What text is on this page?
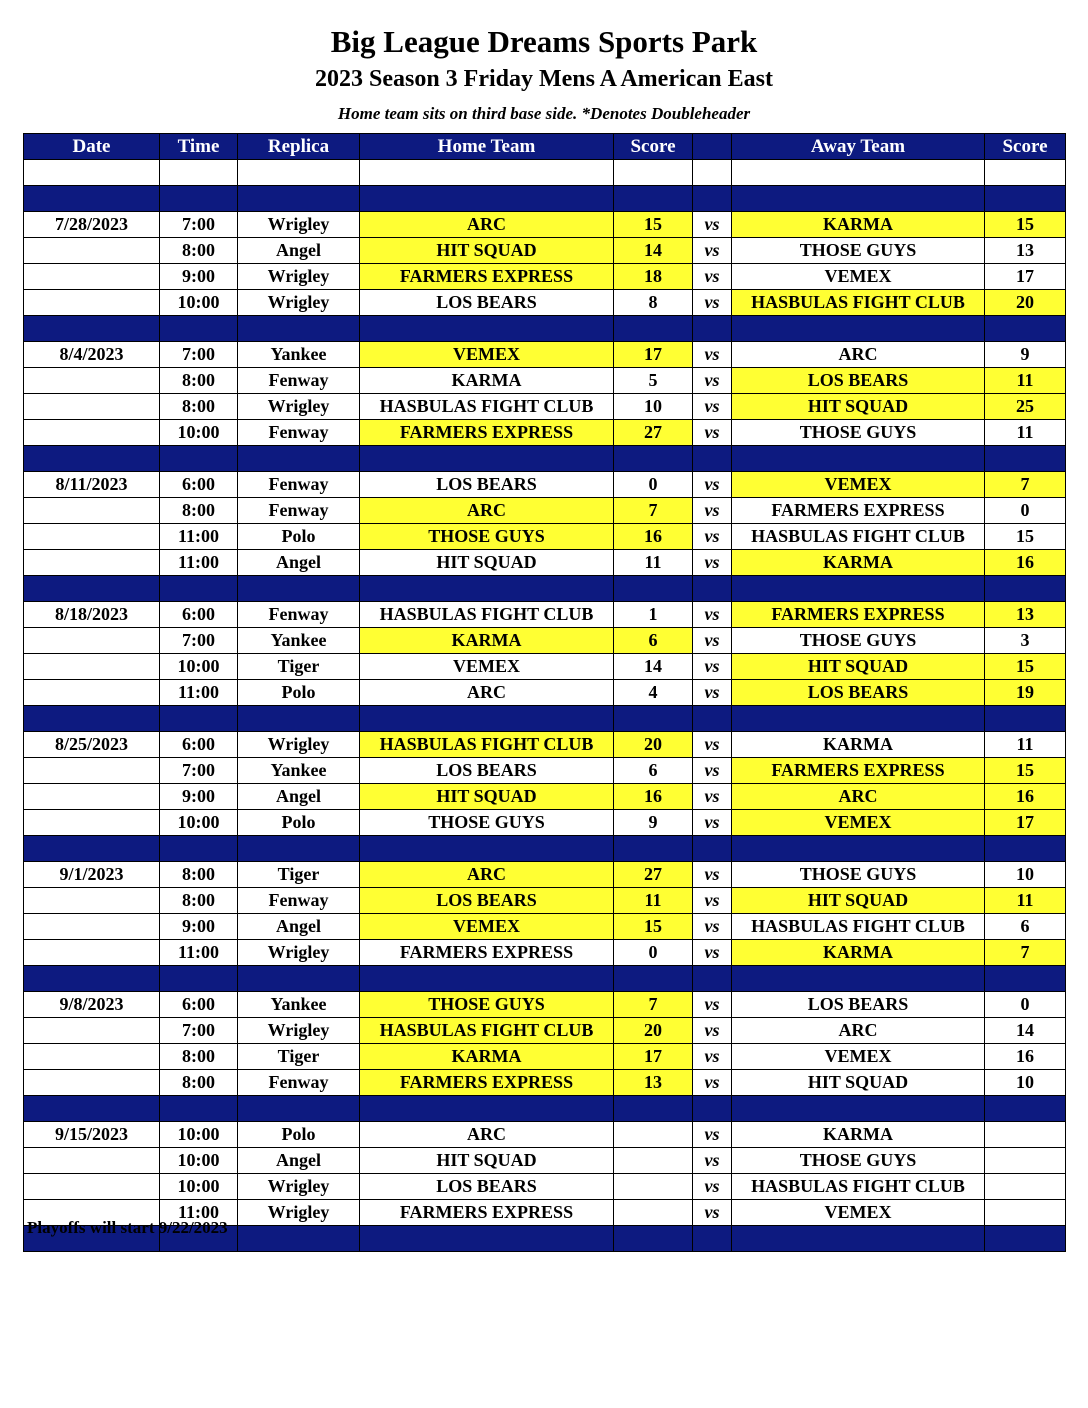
Big League Dreams Sports Park
2023 Season 3 Friday Mens A American East
Home team sits on third base side. *Denotes Doubleheader
Date	Time	Replica	Home Team	Score		Away Team	Score

7/28/2023	7:00	Wrigley	ARC	15	vs	KARMA	15
	8:00	Angel	HIT SQUAD	14	vs	THOSE GUYS	13
	9:00	Wrigley	FARMERS EXPRESS	18	vs	VEMEX	17
	10:00	Wrigley	LOS BEARS	8	vs	HASBULAS FIGHT CLUB	20

8/4/2023	7:00	Yankee	VEMEX	17	vs	ARC	9
	8:00	Fenway	KARMA	5	vs	LOS BEARS	11
	8:00	Wrigley	HASBULAS FIGHT CLUB	10	vs	HIT SQUAD	25
	10:00	Fenway	FARMERS EXPRESS	27	vs	THOSE GUYS	11

8/11/2023	6:00	Fenway	LOS BEARS	0	vs	VEMEX	7
	8:00	Fenway	ARC	7	vs	FARMERS EXPRESS	0
	11:00	Polo	THOSE GUYS	16	vs	HASBULAS FIGHT CLUB	15
	11:00	Angel	HIT SQUAD	11	vs	KARMA	16

8/18/2023	6:00	Fenway	HASBULAS FIGHT CLUB	1	vs	FARMERS EXPRESS	13
	7:00	Yankee	KARMA	6	vs	THOSE GUYS	3
	10:00	Tiger	VEMEX	14	vs	HIT SQUAD	15
	11:00	Polo	ARC	4	vs	LOS BEARS	19

8/25/2023	6:00	Wrigley	HASBULAS FIGHT CLUB	20	vs	KARMA	11
	7:00	Yankee	LOS BEARS	6	vs	FARMERS EXPRESS	15
	9:00	Angel	HIT SQUAD	16	vs	ARC	16
	10:00	Polo	THOSE GUYS	9	vs	VEMEX	17

9/1/2023	8:00	Tiger	ARC	27	vs	THOSE GUYS	10
	8:00	Fenway	LOS BEARS	11	vs	HIT SQUAD	11
	9:00	Angel	VEMEX	15	vs	HASBULAS FIGHT CLUB	6
	11:00	Wrigley	FARMERS EXPRESS	0	vs	KARMA	7

9/8/2023	6:00	Yankee	THOSE GUYS	7	vs	LOS BEARS	0
	7:00	Wrigley	HASBULAS FIGHT CLUB	20	vs	ARC	14
	8:00	Tiger	KARMA	17	vs	VEMEX	16
	8:00	Fenway	FARMERS EXPRESS	13	vs	HIT SQUAD	10

9/15/2023	10:00	Polo	ARC		vs	KARMA	
	10:00	Angel	HIT SQUAD		vs	THOSE GUYS	
	10:00	Wrigley	LOS BEARS		vs	HASBULAS FIGHT CLUB	
	11:00	Wrigley	FARMERS EXPRESS		vs	VEMEX	

Playoffs will start 9/22/2023
